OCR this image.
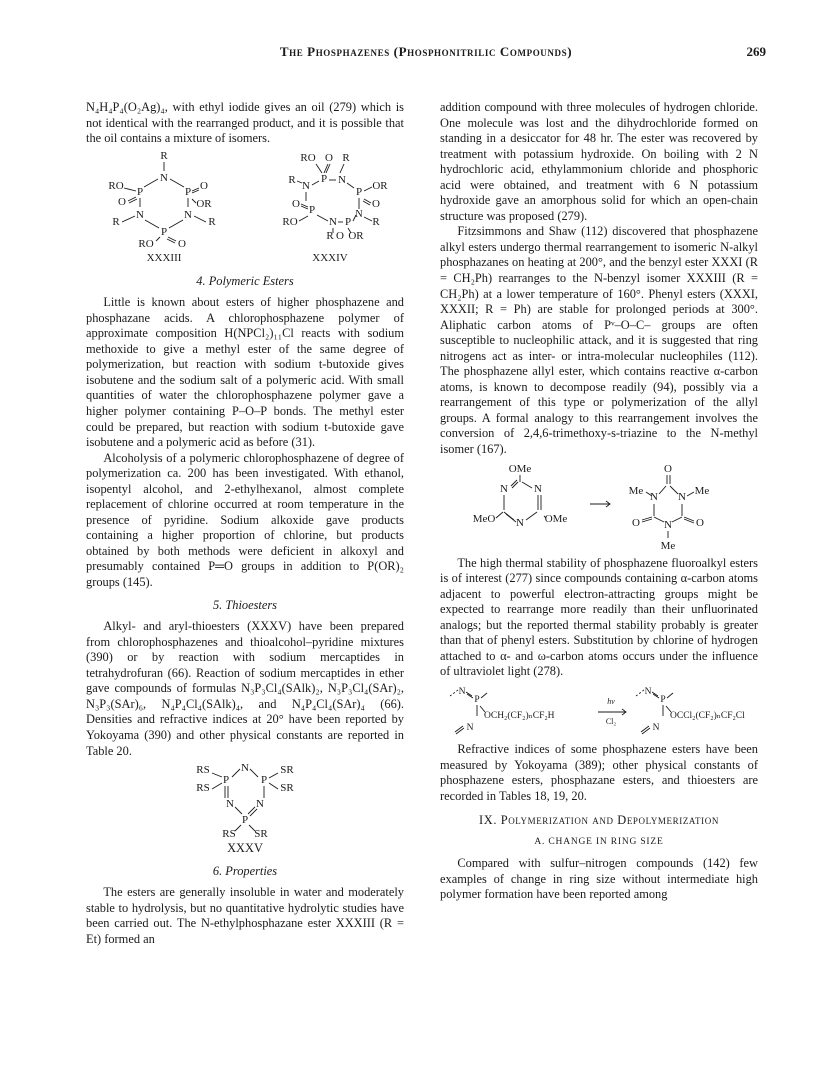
The Phosphazenes (Phosphonitrilic Compounds)	269

N₄H₄P₄(O₂Ag)₄, with ethyl iodide gives an oil (279) which is not identical with the rearranged product, and it is possible that the oil contains a mixture of isomers.

R
N
P	P
RO	O
O	OR
N	N
R	R
P
RO O
XXXIII
RO O R
R N
P N
P OR
O	O
P
RO	N P
N
R
R O OR
XXXIV
4. Polymeric Esters

Little is known about esters of higher phosphazene and phosphazane acids. A chlorophosphazene polymer of approximate composition H(NPCl₂)₁₁Cl reacts with sodium methoxide to give a methyl ester of the same degree of polymerization, but reaction with sodium t-butoxide gives isobutene and the sodium salt of a polymeric acid. With small quantities of water the chlorophosphazene polymer gave a higher polymer containing P–O–P bonds. The methyl ester could be prepared, but reaction with sodium t-butoxide gave isobutene and a polymeric acid as before (31).

Alcoholysis of a polymeric chlorophosphazene of degree of polymerization ca. 200 has been investigated. With ethanol, isopentyl alcohol, and 2-ethylhexanol, almost complete replacement of chlorine occurred at room temperature in the presence of pyridine. Sodium alkoxide gave products containing a higher proportion of chlorine, but products obtained by both methods were deficient in alkoxyl and presumably contained P═O groups in addition to P(OR)₂ groups (145).

5. Thioesters

Alkyl- and aryl-thioesters (XXXV) have been prepared from chlorophosphazenes and thioalcohol–pyridine mixtures (390) or by reaction with sodium mercaptides in tetrahydrofuran (66). Reaction of sodium mercaptides in ether gave compounds of formulas N₃P₃Cl₄(SAlk)₂, N₃P₃Cl₄(SAr)₂, N₃P₃(SAr)₆, N₄P₄Cl₄(SAlk)₄, and N₄P₄Cl₄(SAr)₄ (66). Densities and refractive indices at 20° have been reported by Yokoyama (390) and other physical constants are reported in Table 20.

RS	N
P	P
SR
RS	SR
N N
P
RS SR
XXXV
6. Properties

The esters are generally insoluble in water and moderately stable to hydrolysis, but no quantitative hydrolytic studies have been carried out. The N-ethylphosphazane ester XXXIII (R = Et) formed an

addition compound with three molecules of hydrogen chloride. One molecule was lost and the dihydrochloride formed on standing in a desiccator for 48 hr. The ester was recovered by treatment with potassium hydroxide. On boiling with 2 N hydrochloric acid, ethylammonium chloride and phosphoric acid were obtained, and treatment with 6 N potassium hydroxide gave an amorphous solid for which an open-chain structure was proposed (279).

Fitzsimmons and Shaw (112) discovered that phosphazene alkyl esters undergo thermal rearrangement to isomeric N-alkyl phosphazanes on heating at 200°, and the benzyl ester XXXI (R = CH₂Ph) rearranges to the N-benzyl isomer XXXIII (R = CH₂Ph) at a lower temperature of 160°. Phenyl esters (XXXI, XXXII; R = Ph) are stable for prolonged periods at 300°. Aliphatic carbon atoms of Pᵛ–O–C– groups are often susceptible to nucleophilic attack, and it is suggested that ring nitrogens act as inter- or intra-molecular nucleophiles (112). The phosphazene allyl ester, which contains reactive α-carbon atoms, is known to decompose readily (94), possibly via a rearrangement of this type or polymerization of the allyl groups. A formal analogy to this rearrangement involves the conversion of 2,4,6-trimethoxy-s-triazine to the N-methyl isomer (167).

OMe
N N
MeO N OMe
O
Me N N Me
O N O
Me

The high thermal stability of phosphazene fluoroalkyl esters is of interest (277) since compounds containing α-carbon atoms adjacent to powerful electron-attracting groups might be expected to rearrange more readily than their unfluorinated analogs; but the reported thermal stability probably is greater than that of phenyl esters. Substitution by chlorine of hydrogen attached to α- and ω-carbon atoms occurs under the influence of ultraviolet light (278).

N
P
OCH₂(CF₂)ₙCF₂H
N
hν
Cl₂
N
P
OCCl₂(CF₂)ₙCF₂Cl
N

Refractive indices of some phosphazene esters have been measured by Yokoyama (389); other physical constants of phosphazene esters, phosphazane esters, and thioesters are recorded in Tables 18, 19, 20.

IX. Polymerization and Depolymerization
A. CHANGE IN RING SIZE

Compared with sulfur–nitrogen compounds (142) few examples of change in ring size without intermediate high polymer formation have been reported among
